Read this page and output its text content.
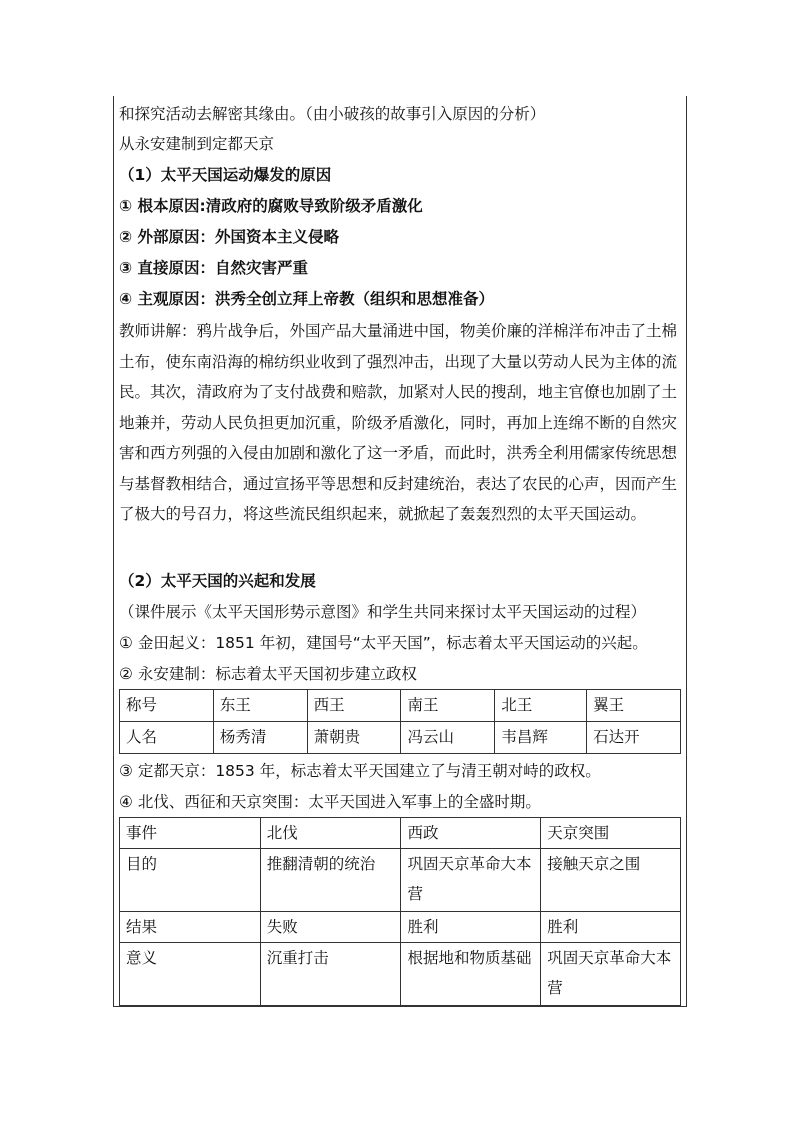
和探究活动去解密其缘由。（由小破孩的故事引入原因的分析）
从永安建制到定都天京
（1）太平天国运动爆发的原因
① 根本原因:清政府的腐败导致阶级矛盾激化
② 外部原因：外国资本主义侵略
③ 直接原因：自然灾害严重
④ 主观原因：洪秀全创立拜上帝教（组织和思想准备）
教师讲解：鸦片战争后，外国产品大量涌进中国，物美价廉的洋棉洋布冲击了土棉土布，使东南沿海的棉纺织业收到了强烈冲击，出现了大量以劳动人民为主体的流民。其次，清政府为了支付战费和赔款，加紧对人民的搜刮，地主官僚也加剧了土地兼并，劳动人民负担更加沉重，阶级矛盾激化，同时，再加上连绵不断的自然灾害和西方列强的入侵由加剧和激化了这一矛盾，而此时，洪秀全利用儒家传统思想与基督教相结合，通过宣扬平等思想和反封建统治，表达了农民的心声，因而产生了极大的号召力，将这些流民组织起来，就掀起了轰轰烈烈的太平天国运动。
（2）太平天国的兴起和发展
（课件展示《太平天国形势示意图》和学生共同来探讨太平天国运动的过程）
① 金田起义：1851 年初，建国号“太平天国”，标志着太平天国运动的兴起。
② 永安建制：标志着太平天国初步建立政权
称号	东王	西王	南王	北王	翼王
人名	杨秀清	萧朝贵	冯云山	韦昌辉	石达开
③ 定都天京：1853 年，标志着太平天国建立了与清王朝对峙的政权。
④ 北伐、西征和天京突围：太平天国进入军事上的全盛时期。
事件	北伐	西政	天京突围
目的	推翻清朝的统治	巩固天京革命大本营	接触天京之围
结果	失败	胜利	胜利
意义	沉重打击	根据地和物质基础	巩固天京革命大本营
